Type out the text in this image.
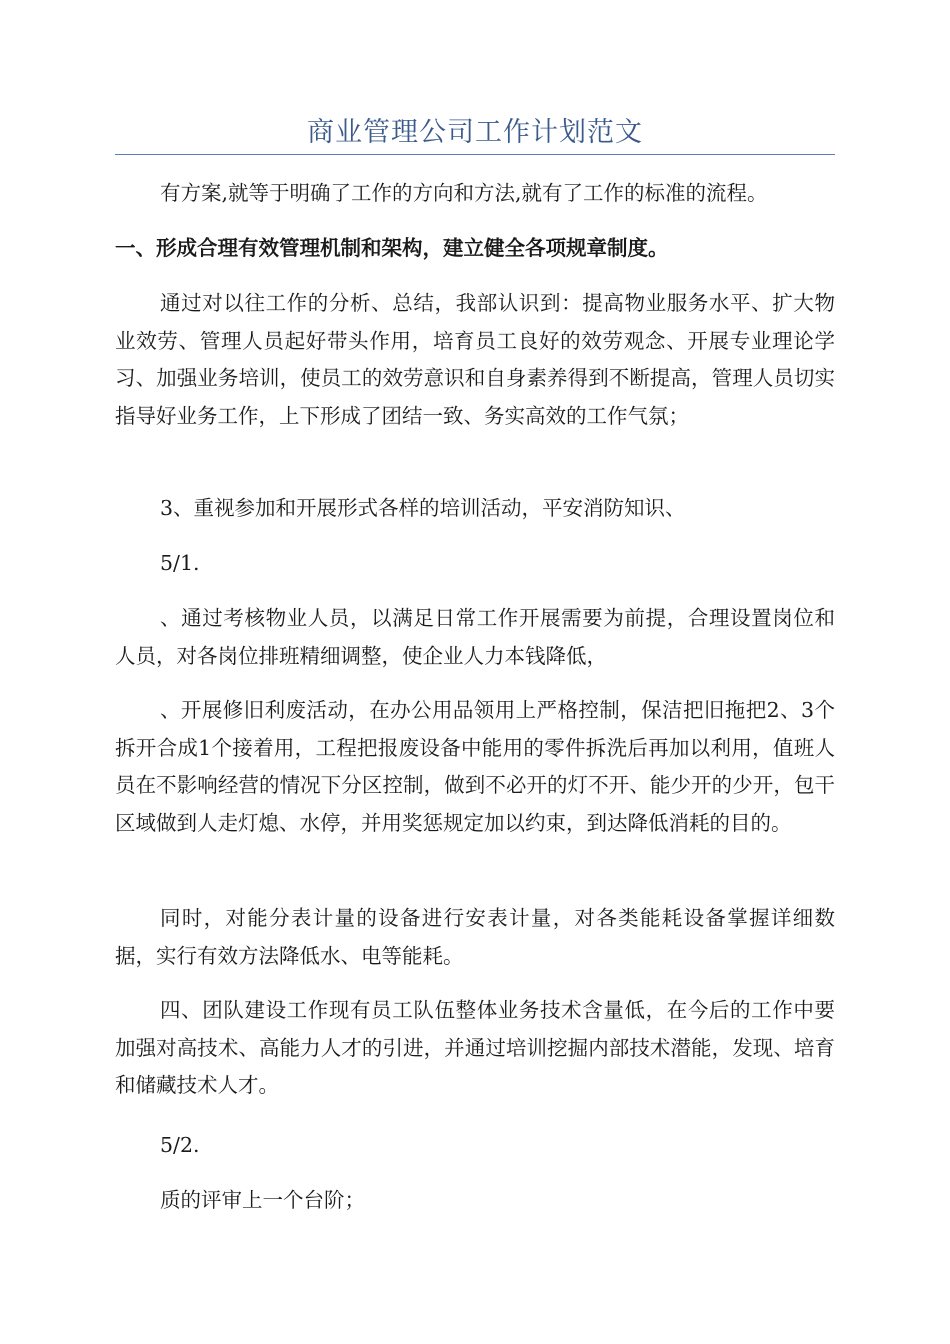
商业管理公司工作计划范文

有方案,就等于明确了工作的方向和方法,就有了工作的标准的流程。

一、形成合理有效管理机制和架构，建立健全各项规章制度。

通过对以往工作的分析、总结，我部认识到：提高物业服务水平、扩大物业效劳、管理人员起好带头作用，培育员工良好的效劳观念、开展专业理论学习、加强业务培训，使员工的效劳意识和自身素养得到不断提高，管理人员切实指导好业务工作，上下形成了团结一致、务实高效的工作气氛；

3、重视参加和开展形式各样的培训活动，平安消防知识、

5/1.

、通过考核物业人员，以满足日常工作开展需要为前提，合理设置岗位和人员，对各岗位排班精细调整，使企业人力本钱降低，

、开展修旧利废活动，在办公用品领用上严格控制，保洁把旧拖把2、3个拆开合成1个接着用，工程把报废设备中能用的零件拆洗后再加以利用，值班人员在不影响经营的情况下分区控制，做到不必开的灯不开、能少开的少开，包干区域做到人走灯熄、水停，并用奖惩规定加以约束，到达降低消耗的目的。

同时，对能分表计量的设备进行安表计量，对各类能耗设备掌握详细数据，实行有效方法降低水、电等能耗。

四、团队建设工作现有员工队伍整体业务技术含量低，在今后的工作中要加强对高技术、高能力人才的引进，并通过培训挖掘内部技术潜能，发现、培育和储藏技术人才。

5/2.

质的评审上一个台阶；
